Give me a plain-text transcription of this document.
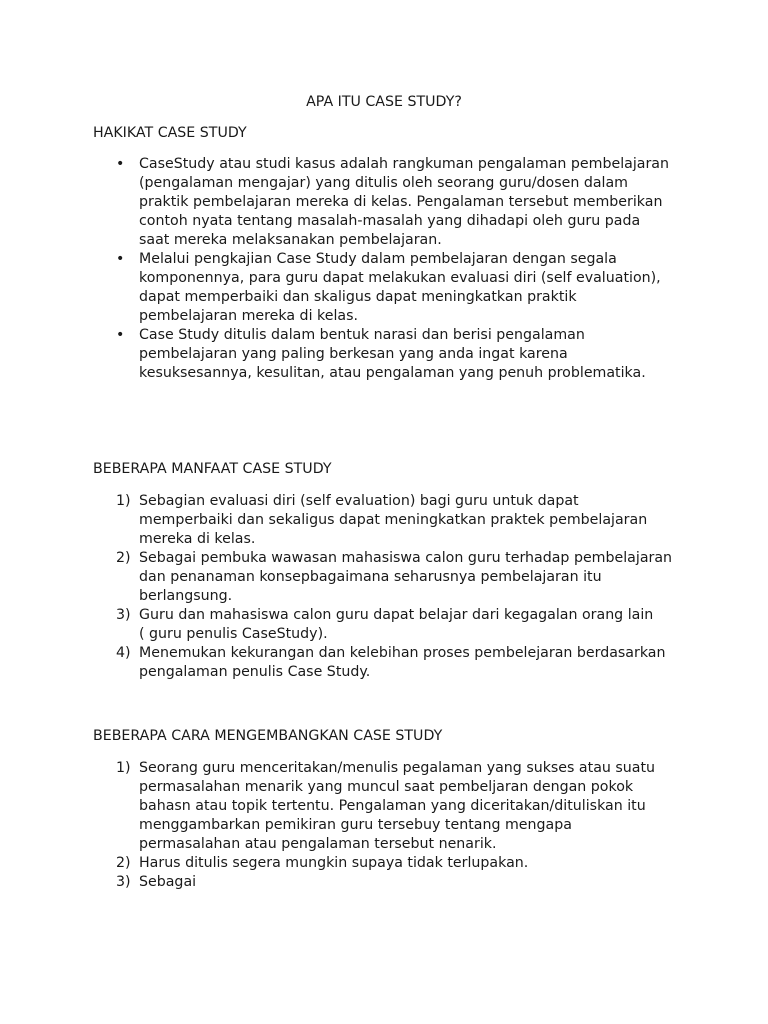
APA ITU CASE STUDY?
HAKIKAT CASE STUDY
• CaseStudy atau studi kasus adalah rangkuman pengalaman pembelajaran
(pengalaman mengajar) yang ditulis oleh seorang guru/dosen dalam
praktik pembelajaran mereka di kelas. Pengalaman tersebut memberikan
contoh nyata tentang masalah-masalah yang dihadapi oleh guru pada
saat mereka melaksanakan pembelajaran.
• Melalui pengkajian Case Study dalam pembelajaran dengan segala
komponennya, para guru dapat melakukan evaluasi diri (self evaluation),
dapat memperbaiki dan skaligus dapat meningkatkan praktik
pembelajaran mereka di kelas.
• Case Study ditulis dalam bentuk narasi dan berisi pengalaman
pembelajaran yang paling berkesan yang anda ingat karena
kesuksesannya, kesulitan, atau pengalaman yang penuh problematika.
BEBERAPA MANFAAT CASE STUDY
1) Sebagian evaluasi diri (self evaluation) bagi guru untuk dapat
memperbaiki dan sekaligus dapat meningkatkan praktek pembelajaran
mereka di kelas.
2) Sebagai pembuka wawasan mahasiswa calon guru terhadap pembelajaran
dan penanaman konsepbagaimana seharusnya pembelajaran itu
berlangsung.
3) Guru dan mahasiswa calon guru dapat belajar dari kegagalan orang lain
( guru penulis CaseStudy).
4) Menemukan kekurangan dan kelebihan proses pembelejaran berdasarkan
pengalaman penulis Case Study.
BEBERAPA CARA MENGEMBANGKAN CASE STUDY
1) Seorang guru menceritakan/menulis pegalaman yang sukses atau suatu
permasalahan menarik yang muncul saat pembeljaran dengan pokok
bahasn atau topik tertentu. Pengalaman yang diceritakan/dituliskan itu
menggambarkan pemikiran guru tersebuy tentang mengapa
permasalahan atau pengalaman tersebut nenarik.
2) Harus ditulis segera mungkin supaya tidak terlupakan.
3) Sebagai
